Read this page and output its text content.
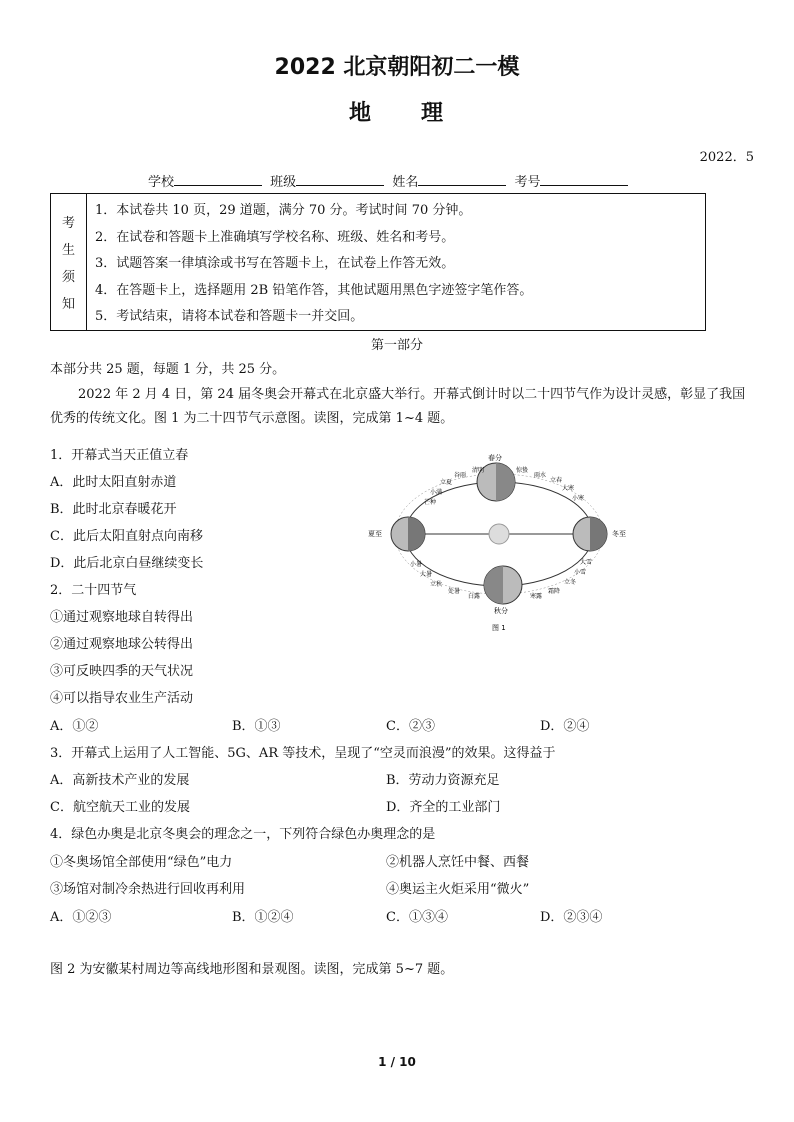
2022 北京朝阳初二一模
地 理
2022．5
学校	班级	姓名	考号
考
生
须
知
1．本试卷共 10 页，29 道题，满分 70 分。考试时间 70 分钟。
2．在试卷和答题卡上准确填写学校名称、班级、姓名和考号。
3．试题答案一律填涂或书写在答题卡上，在试卷上作答无效。
4．在答题卡上，选择题用 2B 铅笔作答，其他试题用黑色字迹签字笔作答。
5．考试结束，请将本试卷和答题卡一并交回。
第一部分
本部分共 25 题，每题 1 分，共 25 分。
2022 年 2 月 4 日，第 24 届冬奥会开幕式在北京盛大举行。开幕式倒计时以二十四节气作为设计灵感，彰显了我国优秀的传统文化。图 1 为二十四节气示意图。读图，完成第 1~4 题。
1．开幕式当天正值立春
A．此时太阳直射赤道
B．此时北京春暖花开
C．此后太阳直射点向南移
D．此后北京白昼继续变长
2．二十四节气
①通过观察地球自转得出
②通过观察地球公转得出
③可反映四季的天气状况
④可以指导农业生产活动
A．①②	B．①③	C．②③	D．②④
3．开幕式上运用了人工智能、5G、AR 等技术，呈现了“空灵而浪漫”的效果。这得益于
A．高新技术产业的发展	B．劳动力资源充足
C．航空航天工业的发展	D．齐全的工业部门
4．绿色办奥是北京冬奥会的理念之一，下列符合绿色办奥理念的是
①冬奥场馆全部使用“绿色”电力	②机器人烹饪中餐、西餐
③场馆对制冷余热进行回收再利用	④奥运主火炬采用“微火”
A．①②③	B．①②④	C．①③④	D．②③④
图 2 为安徽某村周边等高线地形图和景观图。读图，完成第 5~7 题。
夏至	冬至
春分
秋分
小满
立夏
谷雨
清明	惊蛰
雨水
立春
大寒
小寒
芒种
小暑
大暑
立秋
处暑
白露	寒露
霜降
立冬
小雪
大雪
图 1
1 / 10
